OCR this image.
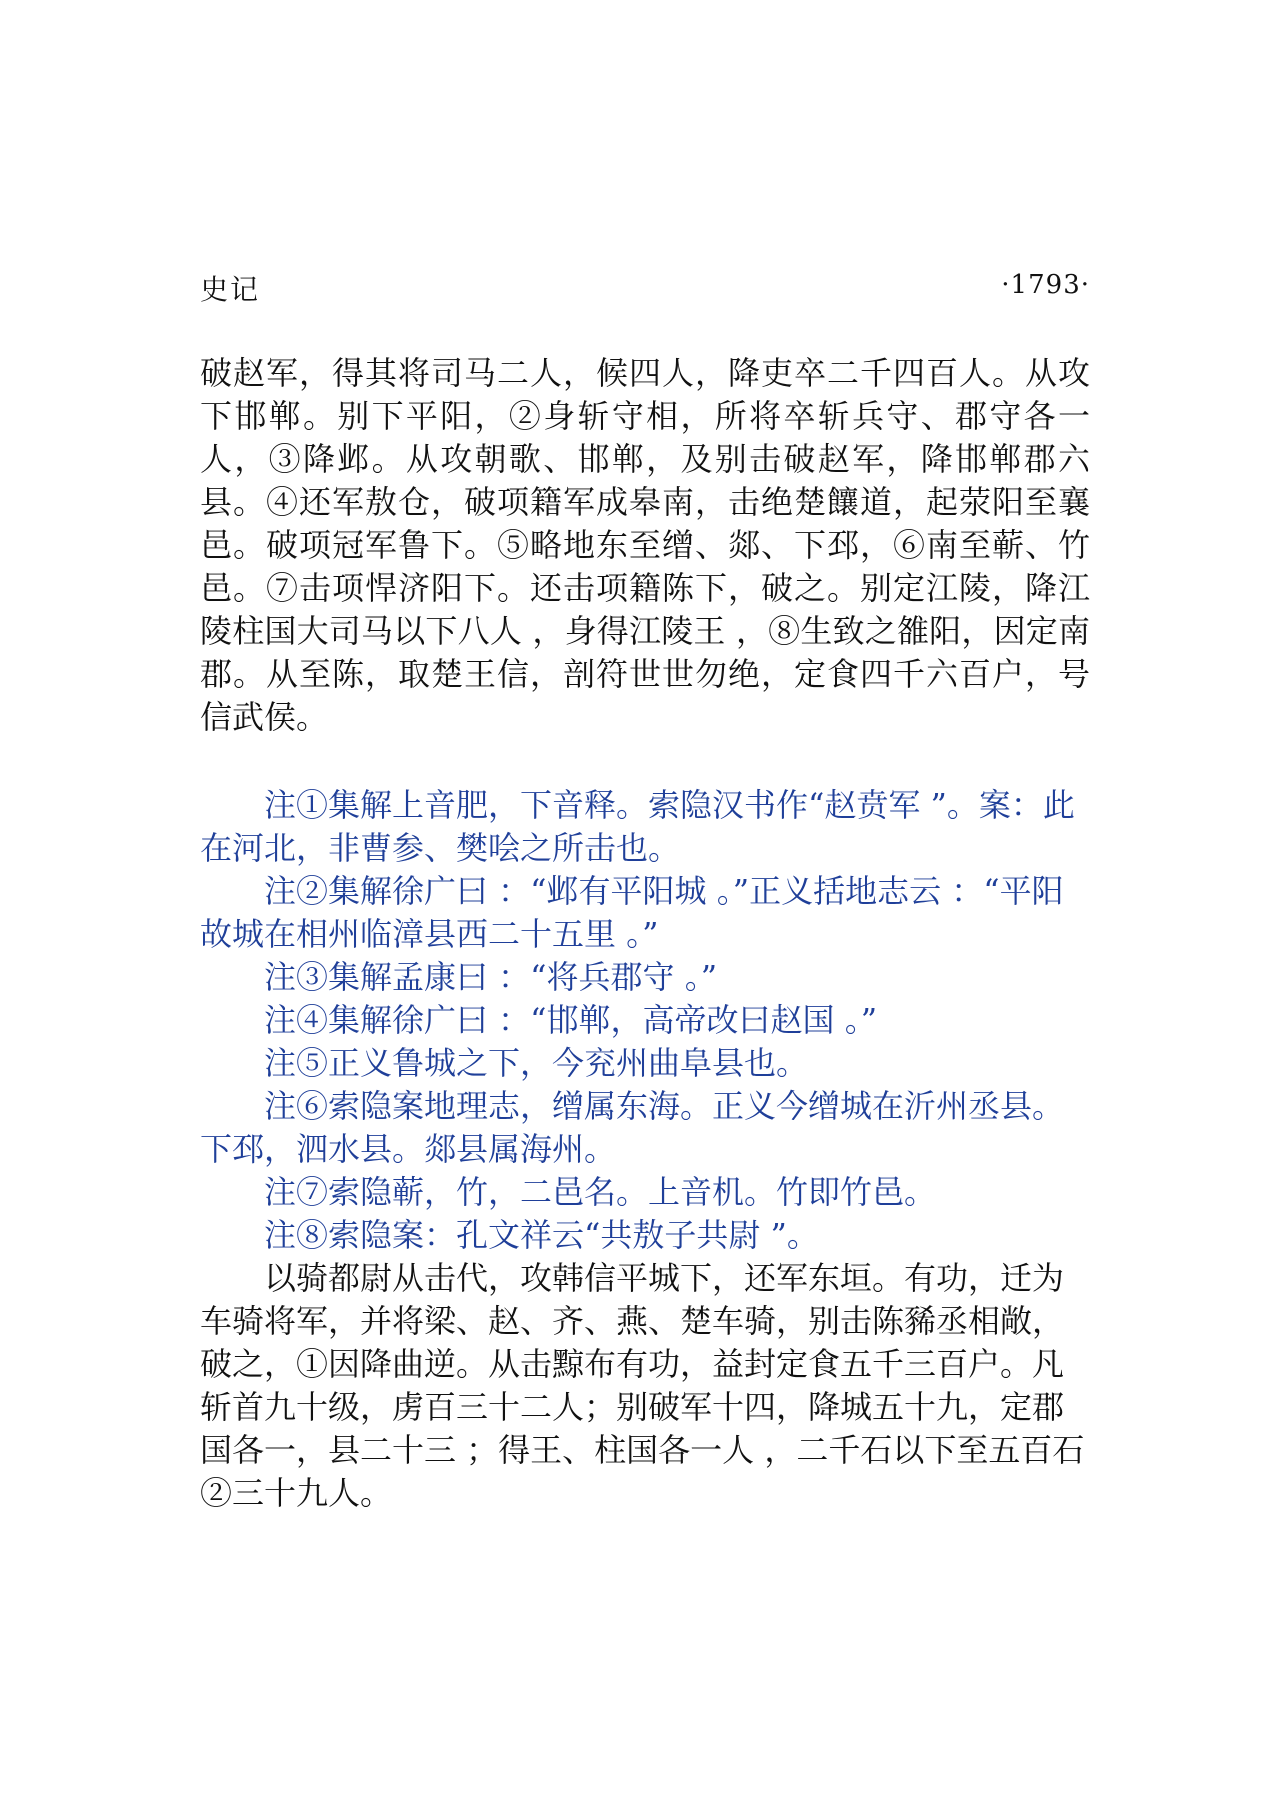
史记	·1793·

破赵军，得其将司马二人，候四人，降吏卒二千四百人。从攻下邯郸。别下平阳，②身斩守相，所将卒斩兵守、郡守各一人，③降邺。从攻朝歌、邯郸，及别击破赵军，降邯郸郡六县。④还军敖仓，破项籍军成皋南，击绝楚饟道，起荥阳至襄邑。破项冠军鲁下。⑤略地东至缯、郯、下邳，⑥南至蕲、竹邑。⑦击项悍济阳下。还击项籍陈下，破之。别定江陵，降江陵柱国大司马以下八人 ，身得江陵王 ，⑧生致之雒阳，因定南郡。从至陈，取楚王信，剖符世世勿绝，定食四千六百户，号信武侯。

注①集解上音肥，下音释。索隐汉书作“赵贲军 ”。案：此在河北，非曹参、樊哙之所击也。

注②集解徐广曰 ：“邺有平阳城 。”正义括地志云 ：“平阳故城在相州临漳县西二十五里 。”

注③集解孟康曰 ：“将兵郡守 。”

注④集解徐广曰 ：“邯郸，高帝改曰赵国 。”

注⑤正义鲁城之下，今兖州曲阜县也。

注⑥索隐案地理志，缯属东海。正义今缯城在沂州丞县。下邳，泗水县。郯县属海州。

注⑦索隐蕲，竹，二邑名。上音机。竹即竹邑。

注⑧索隐案：孔文祥云“共敖子共尉 ”。

以骑都尉从击代，攻韩信平城下，还军东垣。有功，迁为车骑将军，并将梁、赵、齐、燕、楚车骑，别击陈豨丞相敞，破之，①因降曲逆。从击黥布有功，益封定食五千三百户。凡斩首九十级，虏百三十二人；别破军十四，降城五十九，定郡国各一，县二十三 ；得王、柱国各一人 ，二千石以下至五百石②三十九人。
